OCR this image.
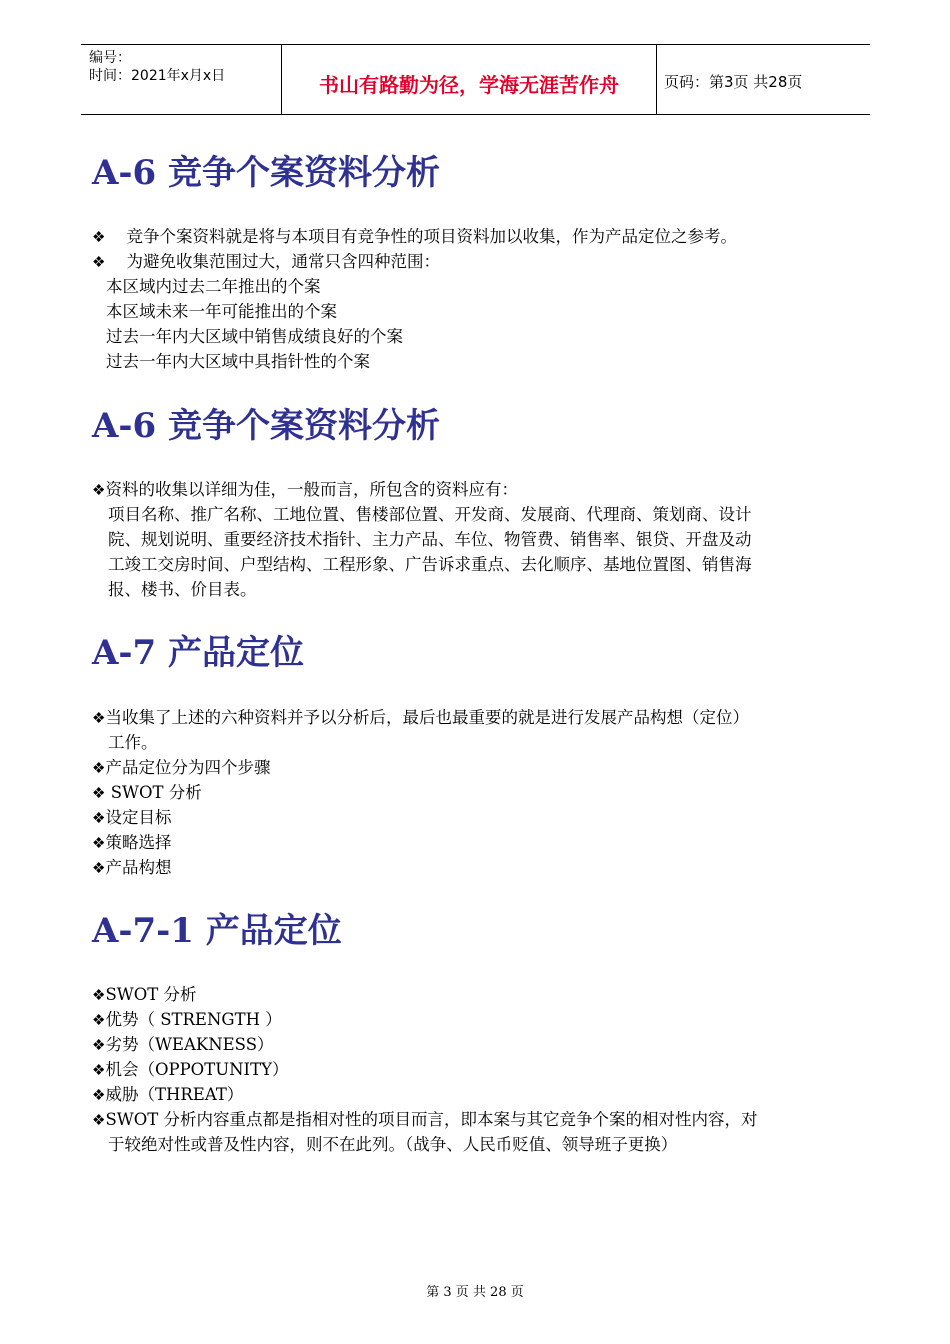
编号：
时间：2021年x月x日	书山有路勤为径，学海无涯苦作舟	页码：第3页 共28页
A-6 竞争个案资料分析
❖ 竞争个案资料就是将与本项目有竞争性的项目资料加以收集，作为产品定位之参考。
❖ 为避免收集范围过大，通常只含四种范围：
本区域内过去二年推出的个案
本区域未来一年可能推出的个案
过去一年内大区域中销售成绩良好的个案
过去一年内大区域中具指针性的个案
A-6 竞争个案资料分析
❖资料的收集以详细为佳，一般而言，所包含的资料应有：
项目名称、推广名称、工地位置、售楼部位置、开发商、发展商、代理商、策划商、设计
院、规划说明、重要经济技术指针、主力产品、车位、物管费、销售率、银贷、开盘及动
工竣工交房时间、户型结构、工程形象、广告诉求重点、去化顺序、基地位置图、销售海
报、楼书、价目表。
A-7 产品定位
❖当收集了上述的六种资料并予以分析后，最后也最重要的就是进行发展产品构想（定位）
工作。
❖产品定位分为四个步骤
❖ SWOT 分析
❖设定目标
❖策略选择
❖产品构想
A-7-1 产品定位
❖SWOT 分析
❖优势（ STRENGTH ）
❖劣势（WEAKNESS）
❖机会（OPPOTUNITY）
❖威胁（THREAT）
❖SWOT 分析内容重点都是指相对性的项目而言，即本案与其它竞争个案的相对性内容，对
于较绝对性或普及性内容，则不在此列。（战争、人民币贬值、领导班子更换）
第 3 页 共 28 页
